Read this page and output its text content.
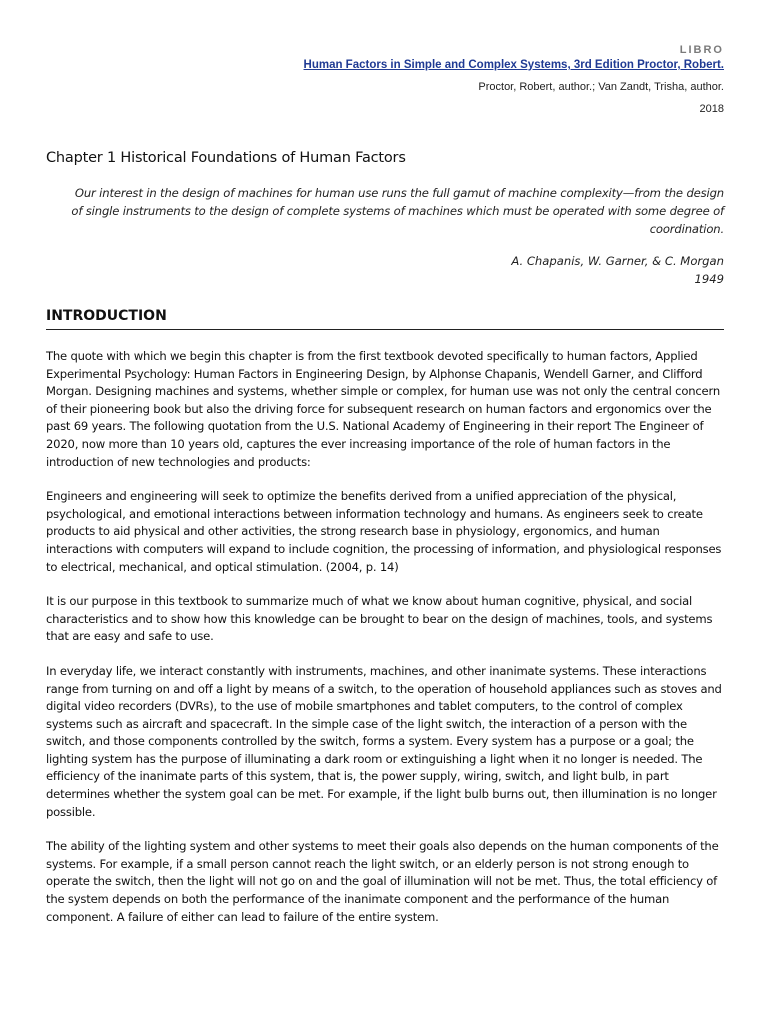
LIBRO
Human Factors in Simple and Complex Systems, 3rd Edition Proctor, Robert.
Proctor, Robert, author.; Van Zandt, Trisha, author.
2018
Chapter 1 Historical Foundations of Human Factors

Our interest in the design of machines for human use runs the full gamut of machine complexity—from the design of single instruments to the design of complete systems of machines which must be operated with some degree of coordination.

A. Chapanis, W. Garner, & C. Morgan
1949
INTRODUCTION

The quote with which we begin this chapter is from the first textbook devoted specifically to human factors, Applied Experimental Psychology: Human Factors in Engineering Design, by Alphonse Chapanis, Wendell Garner, and Clifford Morgan. Designing machines and systems, whether simple or complex, for human use was not only the central concern of their pioneering book but also the driving force for subsequent research on human factors and ergonomics over the past 69 years. The following quotation from the U.S. National Academy of Engineering in their report The Engineer of 2020, now more than 10 years old, captures the ever increasing importance of the role of human factors in the introduction of new technologies and products:

Engineers and engineering will seek to optimize the benefits derived from a unified appreciation of the physical, psychological, and emotional interactions between information technology and humans. As engineers seek to create products to aid physical and other activities, the strong research base in physiology, ergonomics, and human interactions with computers will expand to include cognition, the processing of information, and physiological responses to electrical, mechanical, and optical stimulation. (2004, p. 14)

It is our purpose in this textbook to summarize much of what we know about human cognitive, physical, and social characteristics and to show how this knowledge can be brought to bear on the design of machines, tools, and systems that are easy and safe to use.

In everyday life, we interact constantly with instruments, machines, and other inanimate systems. These interactions range from turning on and off a light by means of a switch, to the operation of household appliances such as stoves and digital video recorders (DVRs), to the use of mobile smartphones and tablet computers, to the control of complex systems such as aircraft and spacecraft. In the simple case of the light switch, the interaction of a person with the switch, and those components controlled by the switch, forms a system. Every system has a purpose or a goal; the lighting system has the purpose of illuminating a dark room or extinguishing a light when it no longer is needed. The efficiency of the inanimate parts of this system, that is, the power supply, wiring, switch, and light bulb, in part determines whether the system goal can be met. For example, if the light bulb burns out, then illumination is no longer possible.

The ability of the lighting system and other systems to meet their goals also depends on the human components of the systems. For example, if a small person cannot reach the light switch, or an elderly person is not strong enough to operate the switch, then the light will not go on and the goal of illumination will not be met. Thus, the total efficiency of the system depends on both the performance of the inanimate component and the performance of the human component. A failure of either can lead to failure of the entire system.
